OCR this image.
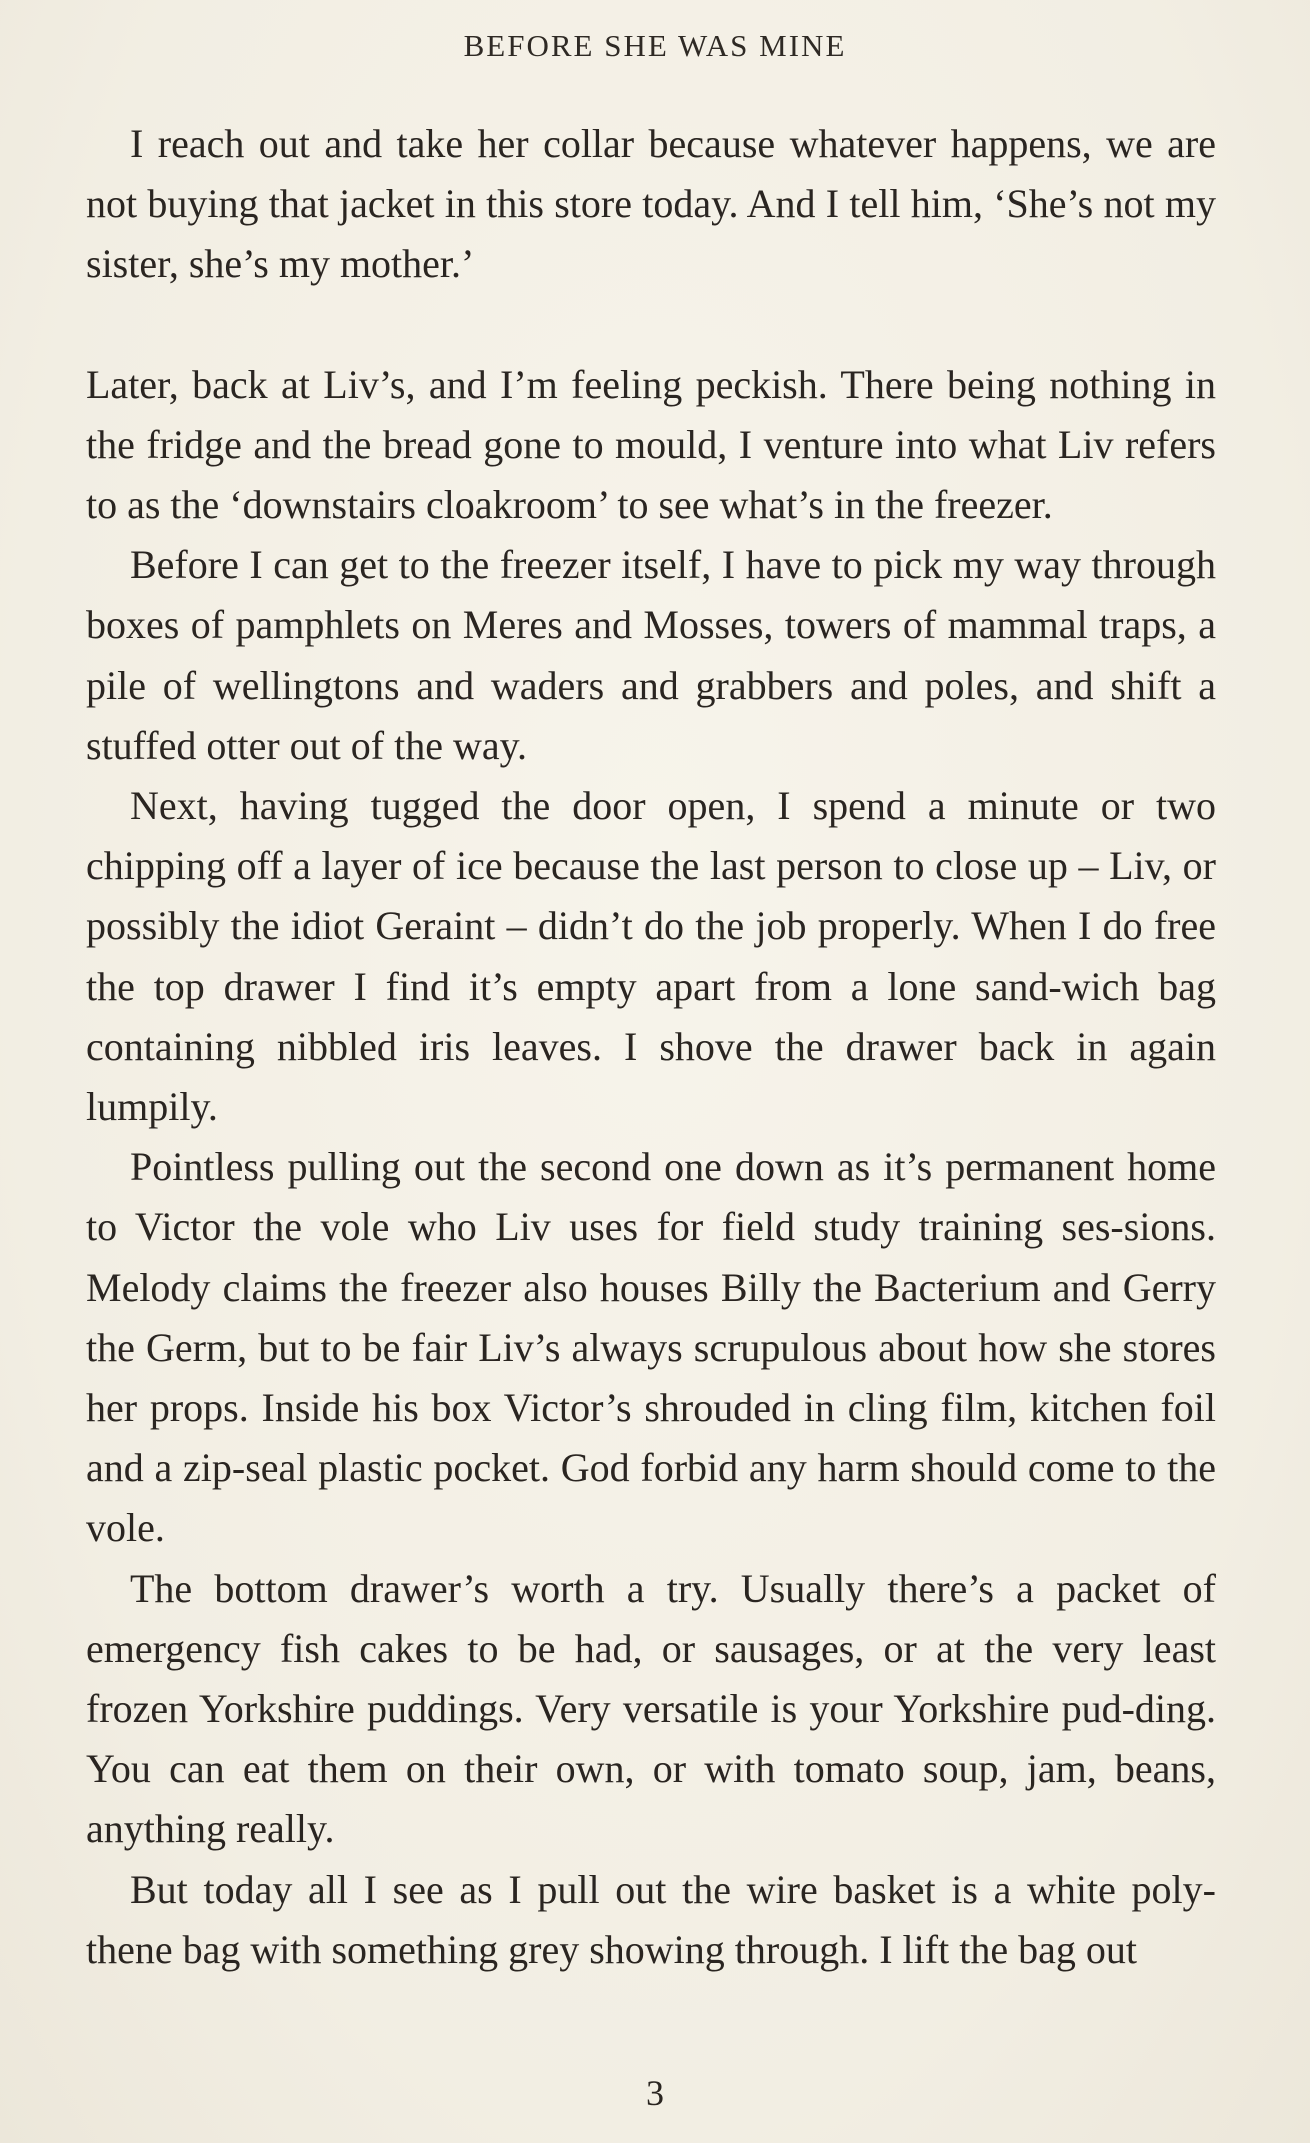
BEFORE SHE WAS MINE

I reach out and take her collar because whatever happens, we are not buying that jacket in this store today. And I tell him, ‘She’s not my sister, she’s my mother.’

Later, back at Liv’s, and I’m feeling peckish. There being nothing in the fridge and the bread gone to mould, I venture into what Liv refers to as the ‘downstairs cloakroom’ to see what’s in the freezer.

Before I can get to the freezer itself, I have to pick my way through boxes of pamphlets on Meres and Mosses, towers of mammal traps, a pile of wellingtons and waders and grabbers and poles, and shift a stuffed otter out of the way.

Next, having tugged the door open, I spend a minute or two chipping off a layer of ice because the last person to close up – Liv, or possibly the idiot Geraint – didn’t do the job properly. When I do free the top drawer I find it’s empty apart from a lone sand-wich bag containing nibbled iris leaves. I shove the drawer back in again lumpily.

Pointless pulling out the second one down as it’s permanent home to Victor the vole who Liv uses for field study training ses-sions. Melody claims the freezer also houses Billy the Bacterium and Gerry the Germ, but to be fair Liv’s always scrupulous about how she stores her props. Inside his box Victor’s shrouded in cling film, kitchen foil and a zip-seal plastic pocket. God forbid any harm should come to the vole.

The bottom drawer’s worth a try. Usually there’s a packet of emergency fish cakes to be had, or sausages, or at the very least frozen Yorkshire puddings. Very versatile is your Yorkshire pud-ding. You can eat them on their own, or with tomato soup, jam, beans, anything really.

But today all I see as I pull out the wire basket is a white poly-thene bag with something grey showing through. I lift the bag out

3
